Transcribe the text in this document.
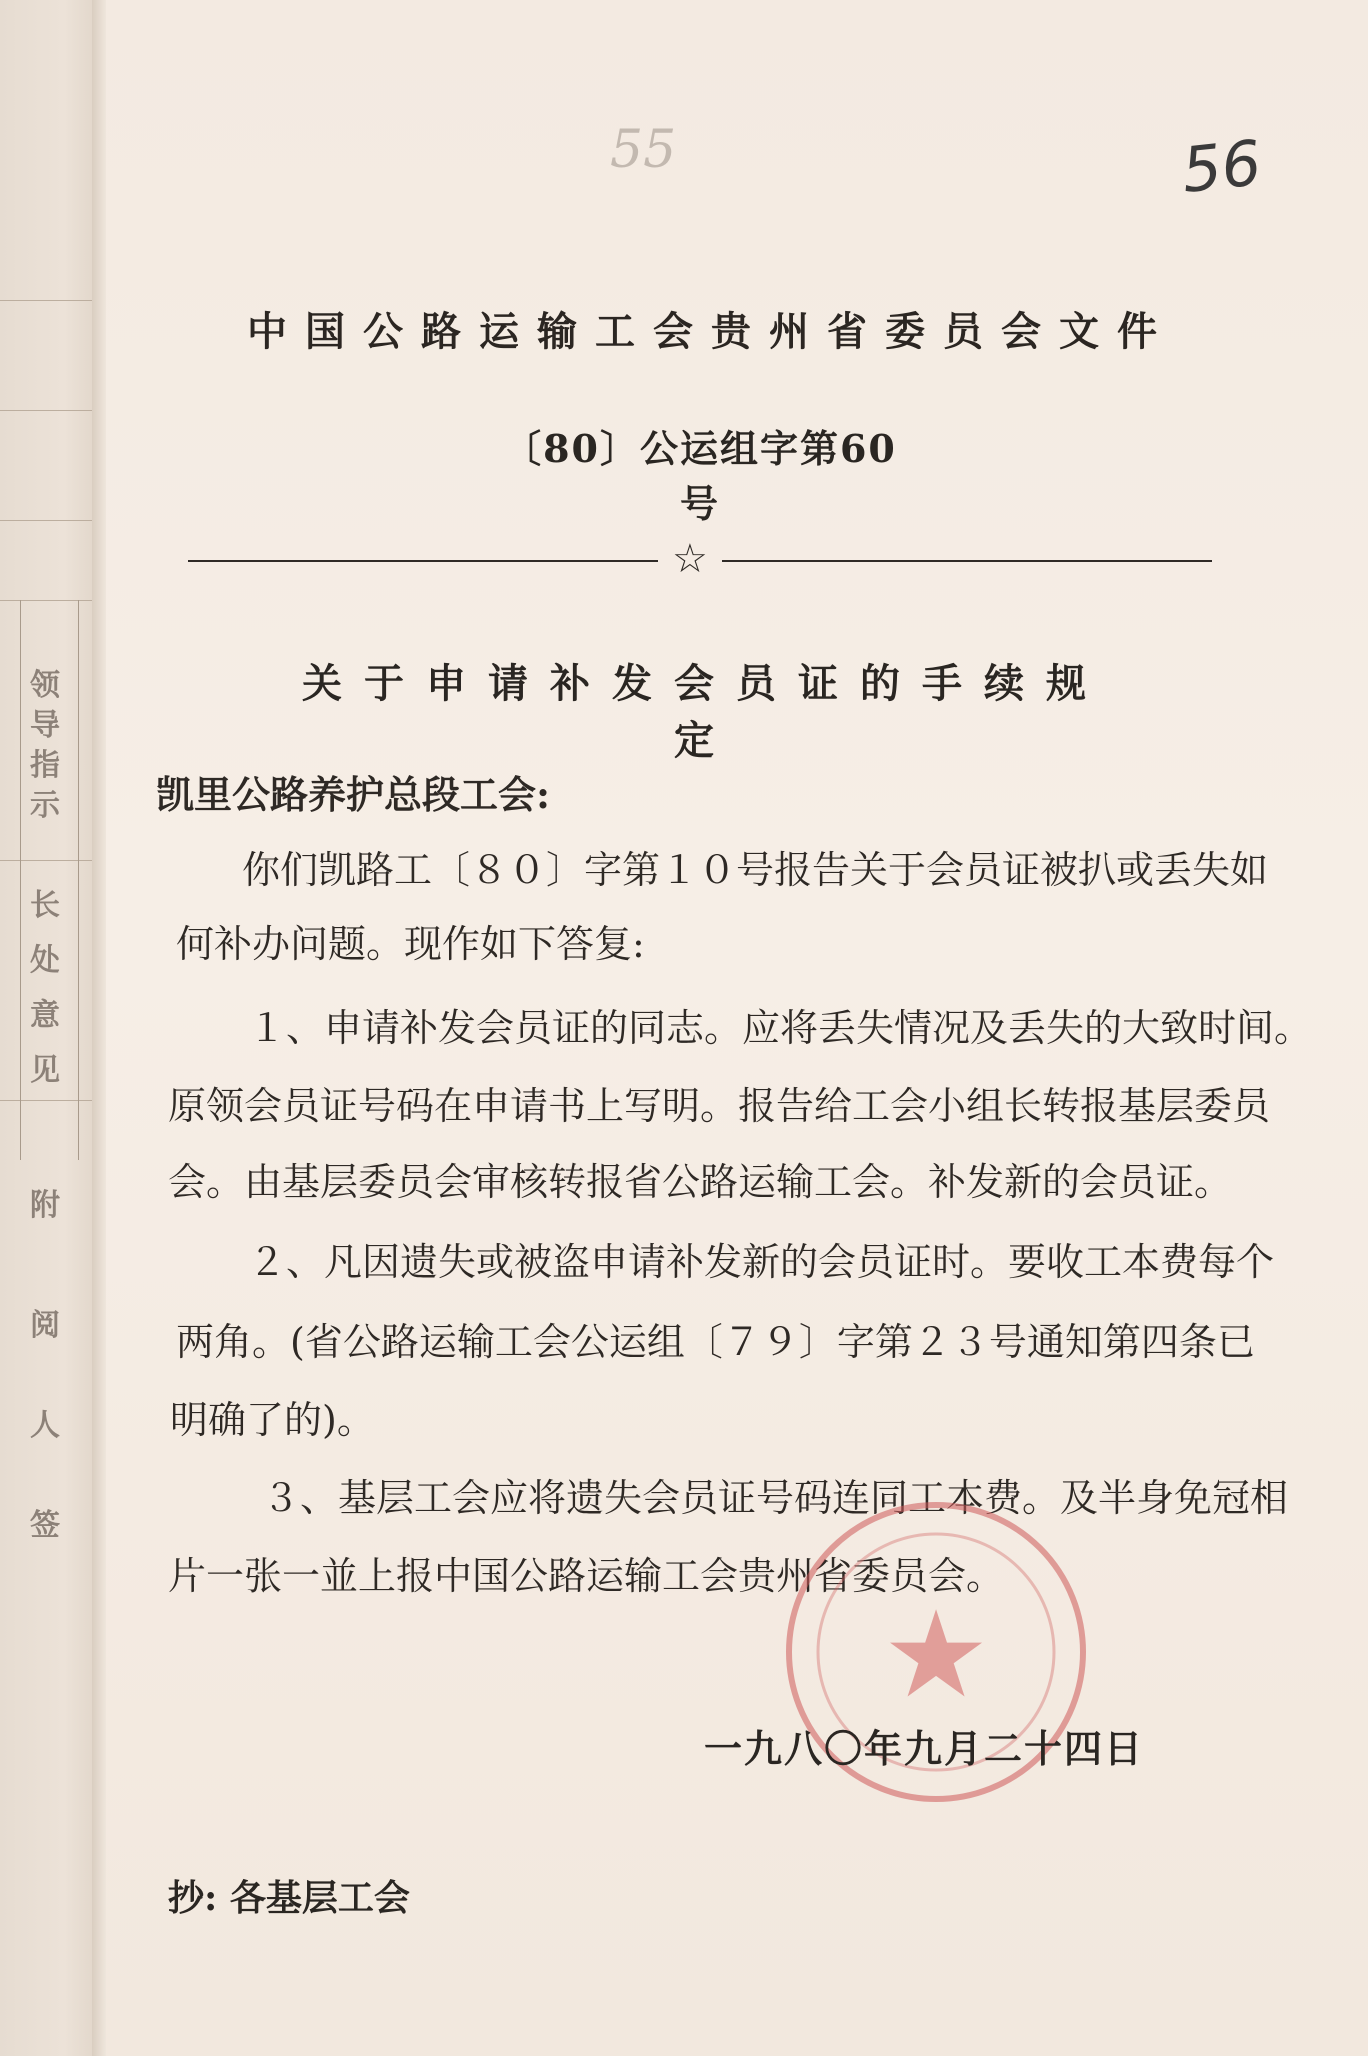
领
导
指
示
长
处
意
见
附
阅
人
签
55	56
中国公路运输工会贵州省委员会文件
〔80〕公运组字第60号
☆
关于申请补发会员证的手续规定
凯里公路养护总段工会:
你们凯路工〔８０〕字第１０号报告关于会员证被扒或丢失如
何补办问题。现作如下答复:
１、申请补发会员证的同志。应将丢失情况及丢失的大致时间。
原领会员证号码在申请书上写明。报告给工会小组长转报基层委员
会。由基层委员会审核转报省公路运输工会。补发新的会员证。
２、凡因遗失或被盗申请补发新的会员证时。要收工本费每个
两角。(省公路运输工会公运组〔７９〕字第２３号通知第四条已
明确了的)。
３、基层工会应将遗失会员证号码连同工本费。及半身免冠相
片一张一並上报中国公路运输工会贵州省委员会。
★
一九八〇年九月二十四日
抄: 各基层工会
